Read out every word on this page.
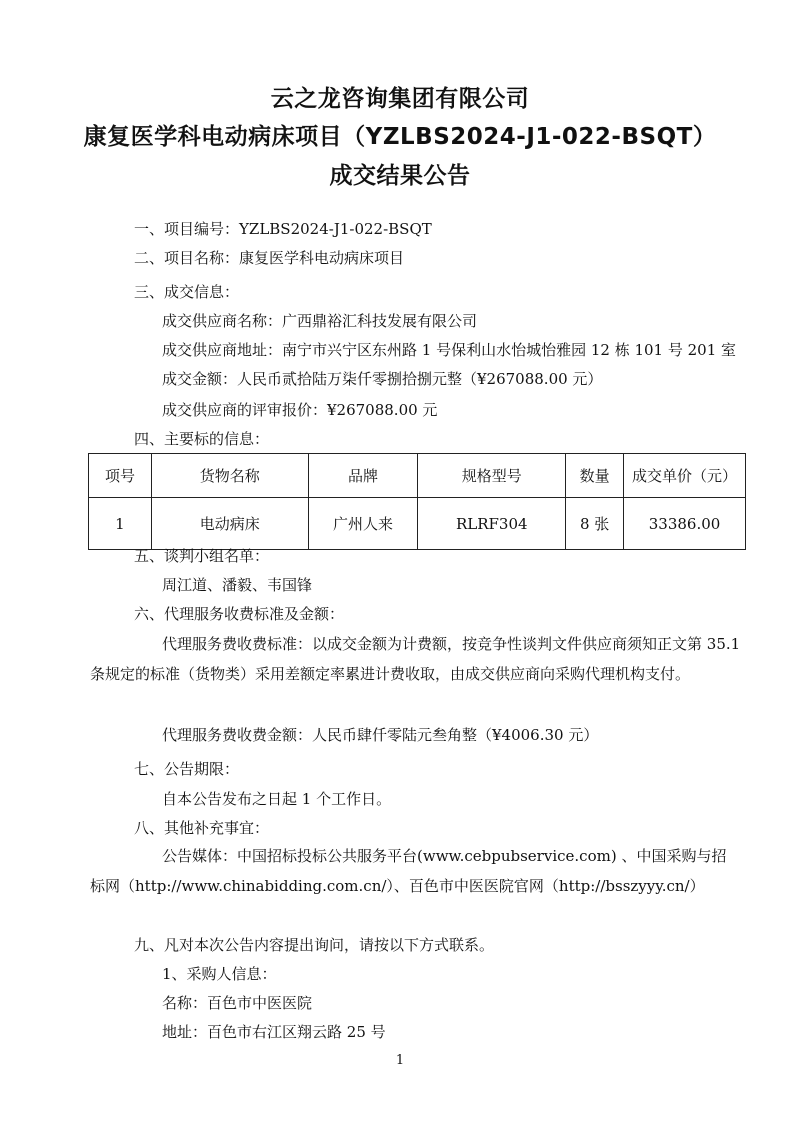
云之龙咨询集团有限公司
康复医学科电动病床项目（YZLBS2024-J1-022-BSQT）
成交结果公告
一、项目编号：YZLBS2024-J1-022-BSQT
二、项目名称：康复医学科电动病床项目
三、成交信息：
成交供应商名称：广西鼎裕汇科技发展有限公司
成交供应商地址：南宁市兴宁区东州路 1 号保利山水怡城怡雅园 12 栋 101 号 201 室
成交金额：人民币贰拾陆万柒仟零捌拾捌元整（¥267088.00 元）
成交供应商的评审报价：¥267088.00 元
四、主要标的信息：
项号	货物名称	品牌	规格型号	数量	成交单价（元）
1	电动病床	广州人来	RLRF304	8 张	33386.00
五、谈判小组名单：
周江道、潘毅、韦国锋
六、代理服务收费标准及金额：
代理服务费收费标准：以成交金额为计费额，按竞争性谈判文件供应商须知正文第 35.1 条规定的标准（货物类）采用差额定率累进计费收取，由成交供应商向采购代理机构支付。
代理服务费收费金额：人民币肆仟零陆元叁角整（¥4006.30 元）
七、公告期限：
自本公告发布之日起 1 个工作日。
八、其他补充事宜：
公告媒体：中国招标投标公共服务平台(www.cebpubservice.com) 、中国采购与招标网（http://www.chinabidding.com.cn/）、百色市中医医院官网（http://bsszyyy.cn/）
九、凡对本次公告内容提出询问，请按以下方式联系。
1、采购人信息：
名称：百色市中医医院
地址：百色市右江区翔云路 25 号
1
